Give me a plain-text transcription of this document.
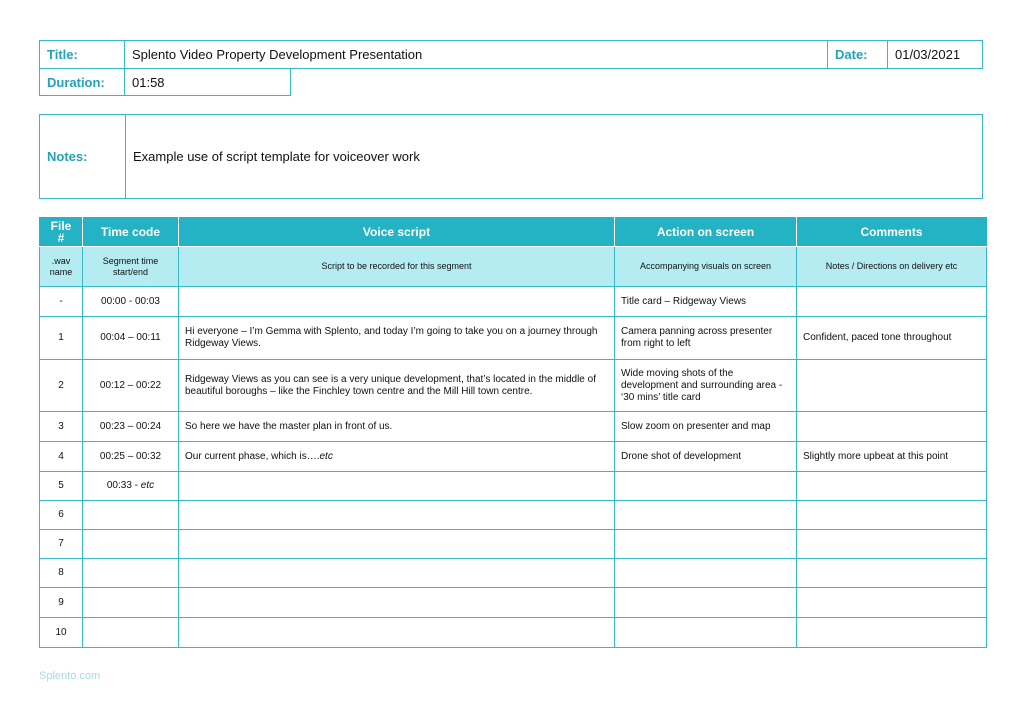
Title:	Splento Video Property Development Presentation	Date:	01/03/2021
Duration:	01:58
Notes:	Example use of script template for voiceover work
File #	Time code	Voice script	Action on screen	Comments
.wav name	Segment time start/end	Script to be recorded for this segment	Accompanying visuals on screen	Notes / Directions on delivery etc
-	00:00 - 00:03		Title card – Ridgeway Views	
1	00:04 – 00:11	Hi everyone – I’m Gemma with Splento, and today I’m going to take you on a journey through Ridgeway Views.	Camera panning across presenter from right to left	Confident, paced tone throughout
2	00:12 – 00:22	Ridgeway Views as you can see is a very unique development, that’s located in the middle of beautiful boroughs – like the Finchley town centre and the Mill Hill town centre.	Wide moving shots of the development and surrounding area - ‘30 mins’ title card	
3	00:23 – 00:24	So here we have the master plan in front of us.	Slow zoom on presenter and map	
4	00:25 – 00:32	Our current phase, which is….etc	Drone shot of development	Slightly more upbeat at this point
5	00:33 - etc			
6				
7				
8				
9				
10				
Splento.com
